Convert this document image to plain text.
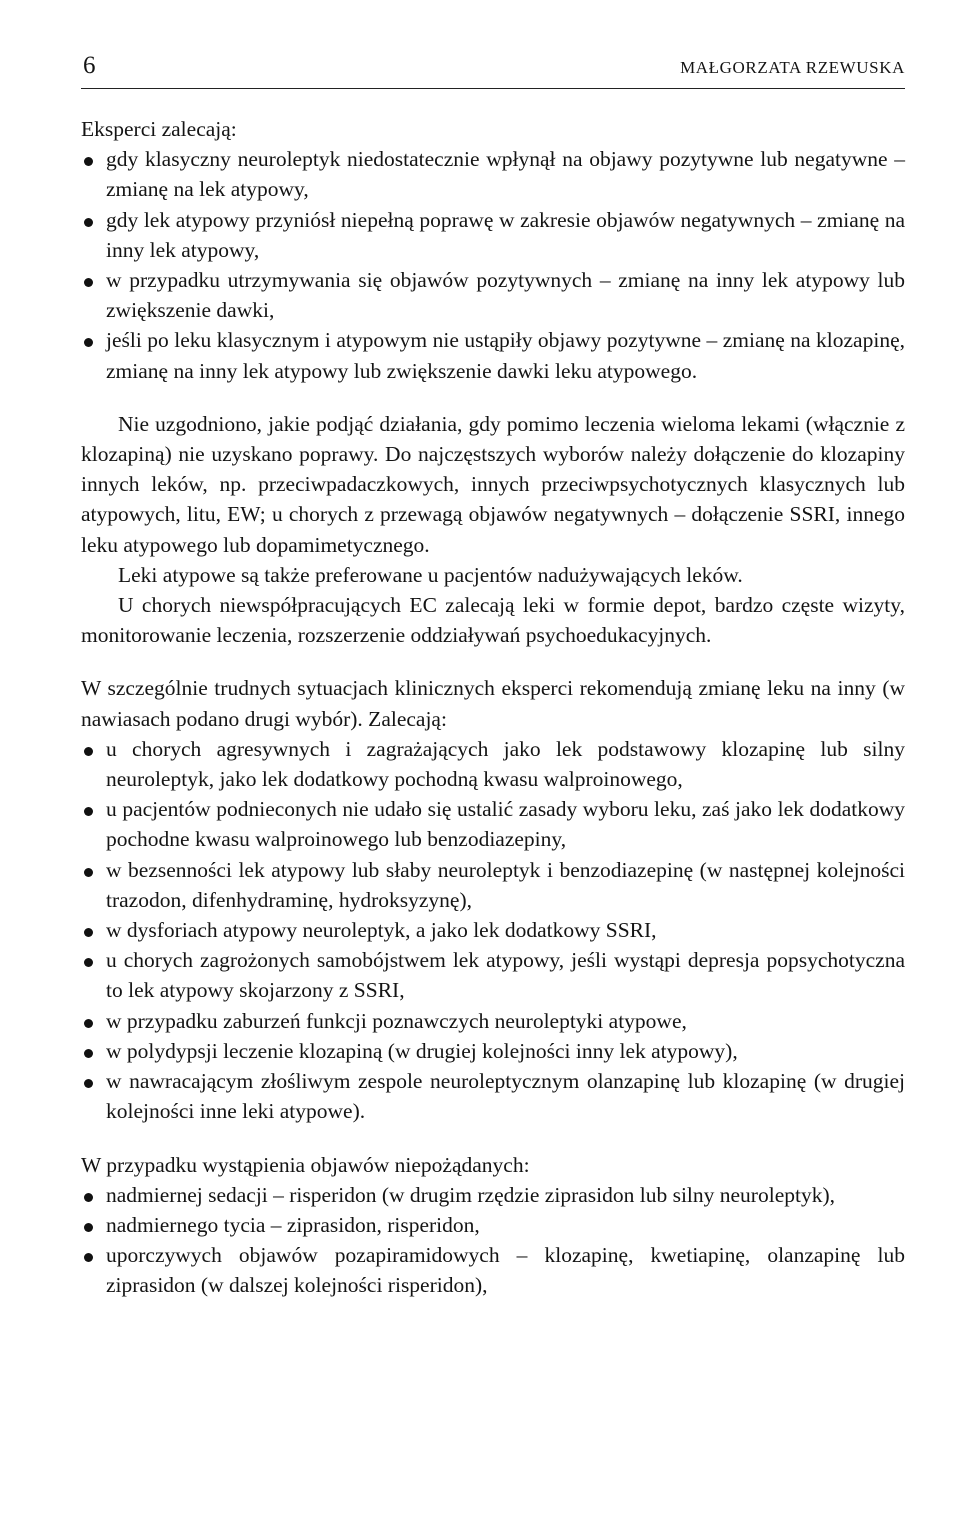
6	MAŁGORZATA RZEWUSKA

Eksperci zalecają:

gdy klasyczny neuroleptyk niedostatecznie wpłynął na objawy pozytywne lub negatywne – zmianę na lek atypowy,
gdy lek atypowy przyniósł niepełną poprawę w zakresie objawów negatywnych – zmianę na inny lek atypowy,
w przypadku utrzymywania się objawów pozytywnych – zmianę na inny lek atypowy lub zwiększenie dawki,
jeśli po leku klasycznym i atypowym nie ustąpiły objawy pozytywne – zmianę na klozapinę, zmianę na inny lek atypowy lub zwiększenie dawki leku atypowego.

Nie uzgodniono, jakie podjąć działania, gdy pomimo leczenia wieloma lekami (włącznie z klozapiną) nie uzyskano poprawy. Do najczęstszych wyborów należy dołączenie do klozapiny innych leków, np. przeciwpadaczkowych, innych przeciwpsychotycznych klasycznych lub atypowych, litu, EW; u chorych z przewagą objawów negatywnych – dołączenie SSRI, innego leku atypowego lub dopamimetycznego.

Leki atypowe są także preferowane u pacjentów nadużywających leków.

U chorych niewspółpracujących EC zalecają leki w formie depot, bardzo częste wizyty, monitorowanie leczenia, rozszerzenie oddziaływań psychoedukacyjnych.

W szczególnie trudnych sytuacjach klinicznych eksperci rekomendują zmianę leku na inny (w nawiasach podano drugi wybór). Zalecają:

u chorych agresywnych i zagrażających jako lek podstawowy klozapinę lub silny neuroleptyk, jako lek dodatkowy pochodną kwasu walproinowego,
u pacjentów podnieconych nie udało się ustalić zasady wyboru leku, zaś jako lek dodatkowy pochodne kwasu walproinowego lub benzodiazepiny,
w bezsenności lek atypowy lub słaby neuroleptyk i benzodiazepinę (w następnej kolejności trazodon, difenhydraminę, hydroksyzynę),
w dysforiach atypowy neuroleptyk, a jako lek dodatkowy SSRI,
u chorych zagrożonych samobójstwem lek atypowy, jeśli wystąpi depresja popsychotyczna to lek atypowy skojarzony z SSRI,
w przypadku zaburzeń funkcji poznawczych neuroleptyki atypowe,
w polydypsji leczenie klozapiną (w drugiej kolejności inny lek atypowy),
w nawracającym złośliwym zespole neuroleptycznym olanzapinę lub klozapinę (w drugiej kolejności inne leki atypowe).

W przypadku wystąpienia objawów niepożądanych:

nadmiernej sedacji – risperidon (w drugim rzędzie ziprasidon lub silny neuroleptyk),
nadmiernego tycia – ziprasidon, risperidon,
uporczywych objawów pozapiramidowych – klozapinę, kwetiapinę, olanzapinę lub ziprasidon (w dalszej kolejności risperidon),
